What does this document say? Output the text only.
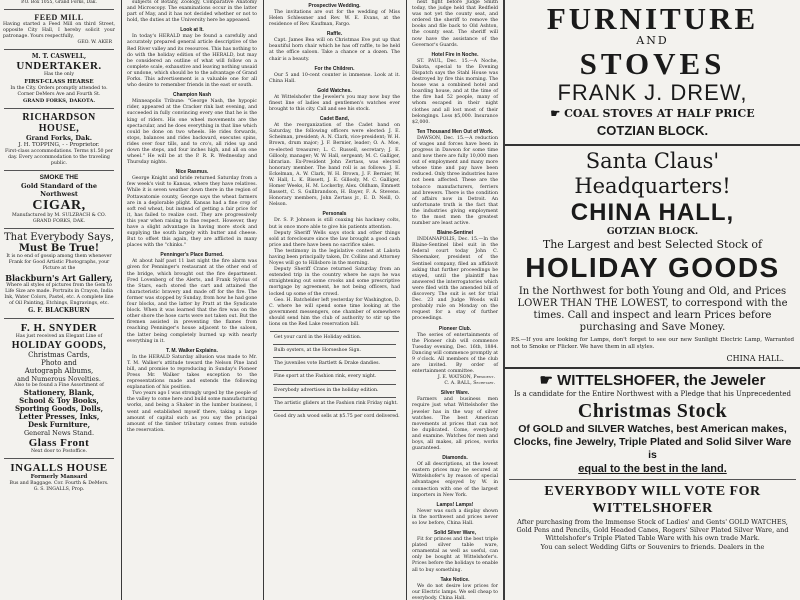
P.O. Box 1055, Grand Forks, Dak.
FEED MILL
Having started a Feed Mill on third Street, opposite City Hall, I hereby solicit your patronage. Yours respectfully,
GEO. W. AKER
M. T. CASWELL,
UNDERTAKER.
Has the only
FIRST-CLASS HEARSE
In the City. Orders promptly attended to. Corner DeMers Ave and Fourth St.
GRAND FORKS, DAKOTA.
RICHARDSON HOUSE,
Grand Forks, Dak.
J. H. TOPPING, - - Proprietor.
First-class accommodations. Terms $1.50 per day. Every accommodation to the traveling public.
SMOKE THE
Gold Standard of the Northwest
CIGAR,
Manufactured by M. SULZBACH & CO.
GRAND FORKS, DAK.
That Everybody Says,
Must Be True!
It is no end of gossip among them whenever Frank for Good Artistic Photographs, your Picture at the
Blackburn's Art Gallery,
Where all styles of pictures from the Gem to Life Size are made. Portraits in Crayon, India Ink, Water Colors, Pastel, etc. A complete line of Oil Painting, Etchings, Engravings, etc.
G. F. BLACKBURN
F. H. SNYDER
Has just received an Elegant Line of
HOLIDAY GOODS,
Christmas Cards,
Photo and
Autograph Albums,
and Numerous Novelties.
Also to be found a Fine Assortment of
Stationery, Blank,
School & Toy Books,
Sporting Goods, Dolls,
Letter Presses, Inks,
Desk Furniture,
General News Stand.
Glass Front
Next door to Postoffice.
INGALLS HOUSE
Formerly Mansard
Bus and Baggage. Cor. Fourth & DeMers.
G. S. INGALLS, Prop.

subjects of Botany, Zoology, Comparative Anatomy and Microscopy. The examinations occur in the latter part of May, and it has not decided whether or not to hold, the duties at the University here be appeased.

Look at It.

In today's HERALD may be found a carefully and accurately prepared general article descriptive of the Red River valley and its resources. This has nothing to do with the holiday edition of the HERALD, but may be considered an outline of what will follow on a complete scale, exhaustive and leaving nothing unsaid or undone, which should be to the advantage of Grand Forks. This advertisement is a valuable one for all who desire to remember friends in the east or south.

Champion Nash

Minneapolis Tribune: "George Nash, the hypopic rider, appeared at the Cracker rink last evening, and succeeded in fully convincing every one that he is the king of riders. His one wheel movements are the spectacular, and he does everything in that line which could be done on two wheels. He rides forwards, stops, balances and rides backward, executes spins, rides over four tills, and to cro's, all rides up and down the steps, and four inches high, and all on one wheel." He will be at the P. R. R. Wednesday and Thursday nights.

Nice Rasmus.

George Knight and bride returned Saturday from a few week's visit to Kansas, where they have relatives. While it is seven weather down there in the region of Pottawatomie county, George says the wheat farmers are in a deplorable plight. Kansas had a fine crop of soft red wheat, but instead of getting a fair price for it, has failed to realize cost. They are progressively this year when raising to fine respect. However, they have a slight advantage in having more stock and supplying the south largely with butter and cheese. But to offset this again, they are afflicted in many places with the "chinks."

Penninger's Place Burned.

At about half past 11 last night the fire alarm was given for Penninger's restaurant at the other end of the bridge, which brought out the fire department. Fred Lovenberg of the Alerts, and Frank Sylvius of the Stars, each stored the cart and attained the characteristic bravery and made off for the fire. The former was stopped by Sunday, from how he had gone four blocks, and the latter by Pratt at the Syndicate block. When it was learned that the fire was on the other shore the hose carts were not taken out. But the firemen assisted in preventing the flames from reaching Penninger's house adjacent to the saloon, the latter being completely burned up with nearly everything in it.

T. M. Walker Explains.

In the HERALD Saturday allusion was made to Mr. T. M. Walker's attitude toward the Nelson Pine land bill, and promise to reproducing in Sunday's Pioneer Press Mr. Walker takes exception to the representations made and extends the following explanation of his position.

Two years ago I was strongly urged by the people of the valley to come here and build some manufacturing works, and being a Shaker in the lumber business, I went and established myself there, taking a large amount of capital such as you say the principal amount of the timber tributary comes from outside the reservation.

Prospective Wedding.

The invitations are out for the wedding of Miss Helen Schlessner and Rev. W. E. Evans, at the residence of Rev. Kaufman, Fargo.

Raffle.

Capt. James Bea will on Christmas Eve put up that beautiful horn chair which he has off raffle, to be held at the office saloon. Take a chance or a dozen. The chair is a beauty.

For the Children.

Our 5 and 10-cent counter is immense. Look at it. China Hall.

Gold Watches.

At Wittelshofer the Jeweler's you may now buy the finest line of ladies and gentlemen's watches ever brought to this city. Call and see his stock.

Cadet Band,

At the reorganization of the Cadet band on Saturday, the following officers were elected: J. E. Scheiman, president; A. N. Clark, vice-president; W. H. Brown, drum major; J. F. Bernier, leader; O. A. Moe, re-elected treasurer; L. C. Russell, secretary; J. E. Gillooly, manager; W. W. Hall, sergeant; M. C. Galliger, librarian. Ex-President John Zertass, was elected honorary member. The band roll is as follows: J. E. Eckelman, A. W. Clark, W. H. Brown, J. F. Bernier, W. W. Hall, L. K. Bissett, J. E. Gillooly, M. C. Galliger, Homer Weeks, H. M. Lockerby, Alex. Oldham, Emmett Bassett, C. S. Gullbrandson, H. Bayer, F. A. Stevens. Honorary members, John Zertass jr., E. D. Neill, O. Nelson.

Personals

Dr. S. P. Johnson is still coaxing his hackney colts, but is once more able to give his patients attention.

Deputy Sheriff Wells says stock and other things sold at foreclosure since the law brought a good cash price and there have been no sacrifice sales.

The testimony in the legislative contest at Lakota having been principally taken, Dr. Collins and Attorney Noyes will go to Hillsboro in the morning.

Deputy Sheriff Crane returned Saturday from an extended trip in the country where he says he was straightening out some crooks and some prescriptive mortgage by agreement, he not being officers, had locked up some of the crowd.

Geo. H. Batchelder left yesterday for Washington, D. C. where he will spend some time looking at the government messengers, one chamber of somewhere should send him the club of authority to stir up the lions on the Red Lake reservation bill.

Get your card in the Holiday edition.

Bulb oysters, at the Horseshoe Sign.

The juveniles vote Bartlett & Drake dandies.

Fine sport at the Fashion rink, every night.

Everybody advertises in the holiday edition.

The artistic gliders at the Fashion rink Friday night.

Good dry ash wood sells at $5.75 per cord delivered.

next fight before Judge Smith today, the judge held that Redfield was not yet the county seat, and ordered the sheriff to remove the books and file back to Old Ashton, the county seat. The sheriff will now have the assistance of the Governor's Guards.

Hotel Fire in Noche.

ST. PAUL, Dec. 15.—A Noche, Dakota, special to the Evening Dispatch says the Stahl House was destroyed by fire this morning. The house was a combined hotel and boarding house, and at the time of the fire had 52 people, many of whom escaped in their night clothes and all lost most of their belongings. Loss $5,000. Insurance $2,000.

Ten Thousand Men Out of Work.

DAWSON, Dec. 15.—A reduction of wages and forces have been in progress in Dawson for some time and now there are fully 10,000 men out of employment and many more whose time and pay have been reduced. Only three industries have not been affected. These are the tobacco manufacturers, ferriers and brewers. There is the condition of affairs now in Detroit. An unfortunate truth is the fact that the industries giving employment to the most men the greatest number are least active.

Blaine-Sentinel

INDIANAPOLIS, Dec. 15.—In the Blaine-Sentinel libel suit in the federal court today John C. Shoemaker, president of the Sentinel company, filed an affidavit asking that further proceedings be stayed, until the plaintiff has answered the interrogatories which were filed with the amended bill of discovery. The suit is set for trial Dec. 23 and Judge Woods will probably rule on Monday on the request for a stay of further proceedings.

Pioneer Club.

The series of entertainments of the Pioneer club will commence Tuesday evening, Dec. 16th, 1884. Dancing will commence promptly at 9 o'clock. All members of the club are invited. By order of entertainment committee.

J. E. WATSON, President.
C. A. BALL, Secretary.
Silver Ware.

Farmers and business men require just what Wittelshofer the jeweler has in the way of silver watches. The best American movements at prices that can not be duplicated. Come, everybody and examine. Watches for men and boys, all makes, all prices, works guaranteed.

Diamonds.

Of all descriptions, at the lowest eastern prices may be secured at Wittelshofer's by reason of special advantages enjoyed by W. in connection with one of the largest importers in New York.

Lamps! Lamps!

Never was such a display shown in the northwest and prices never so low before, China Hall.

Solid Silver Ware,

Fit for princes and the best triple plated silver table ware, ornamental as well as useful, can only be bought at Wittelshofer's. Prices before the holidays to enable all to buy something.

Take Notice.

We do not desire low prices for our Electric lamps. We sell cheap to everybody. China Hall.

FURNITURE
AND
STOVES
FRANK J. DREW,
☛ COAL STOVES AT HALF PRICE
COTZIAN BLOCK.
Santa Claus' Headquarters!
CHINA HALL,
GOTZIAN BLOCK.
The Largest and best Selected Stock of
HOLIDAY GOODS
In the Northwest for both Young and Old, and Prices LOWER THAN THE LOWEST, to correspond with the times. Call and inspect and learn Prices before purchasing and Save Money.
P.S.—If you are looking for Lamps, don't forget to see our new Sunlight Electric Lamp, Warranted not to Smoke or Flicker. We have them in all styles.
CHINA HALL.
☛ WITTELSHOFER, the Jeweler
Is a candidate for the Entire Northwest with a Pledge that his Unprecedented
Christmas Stock
Of GOLD and SILVER Watches, best American makes, Clocks, fine Jewelry, Triple Plated and Solid Silver Ware is
equal to the best in the land.
EVERYBODY WILL VOTE FOR WITTELSHOFER
After purchasing from the Immense Stock of Ladies' and Gents' GOLD WATCHES, Gold Pens and Pencils, Gold Headed Canes, Rogers' Silver Plated Silver Ware, and Wittelshofer's Triple Plated Table Ware with his own trade Mark.
You can select Wedding Gifts or Souvenirs to friends. Dealers in the
